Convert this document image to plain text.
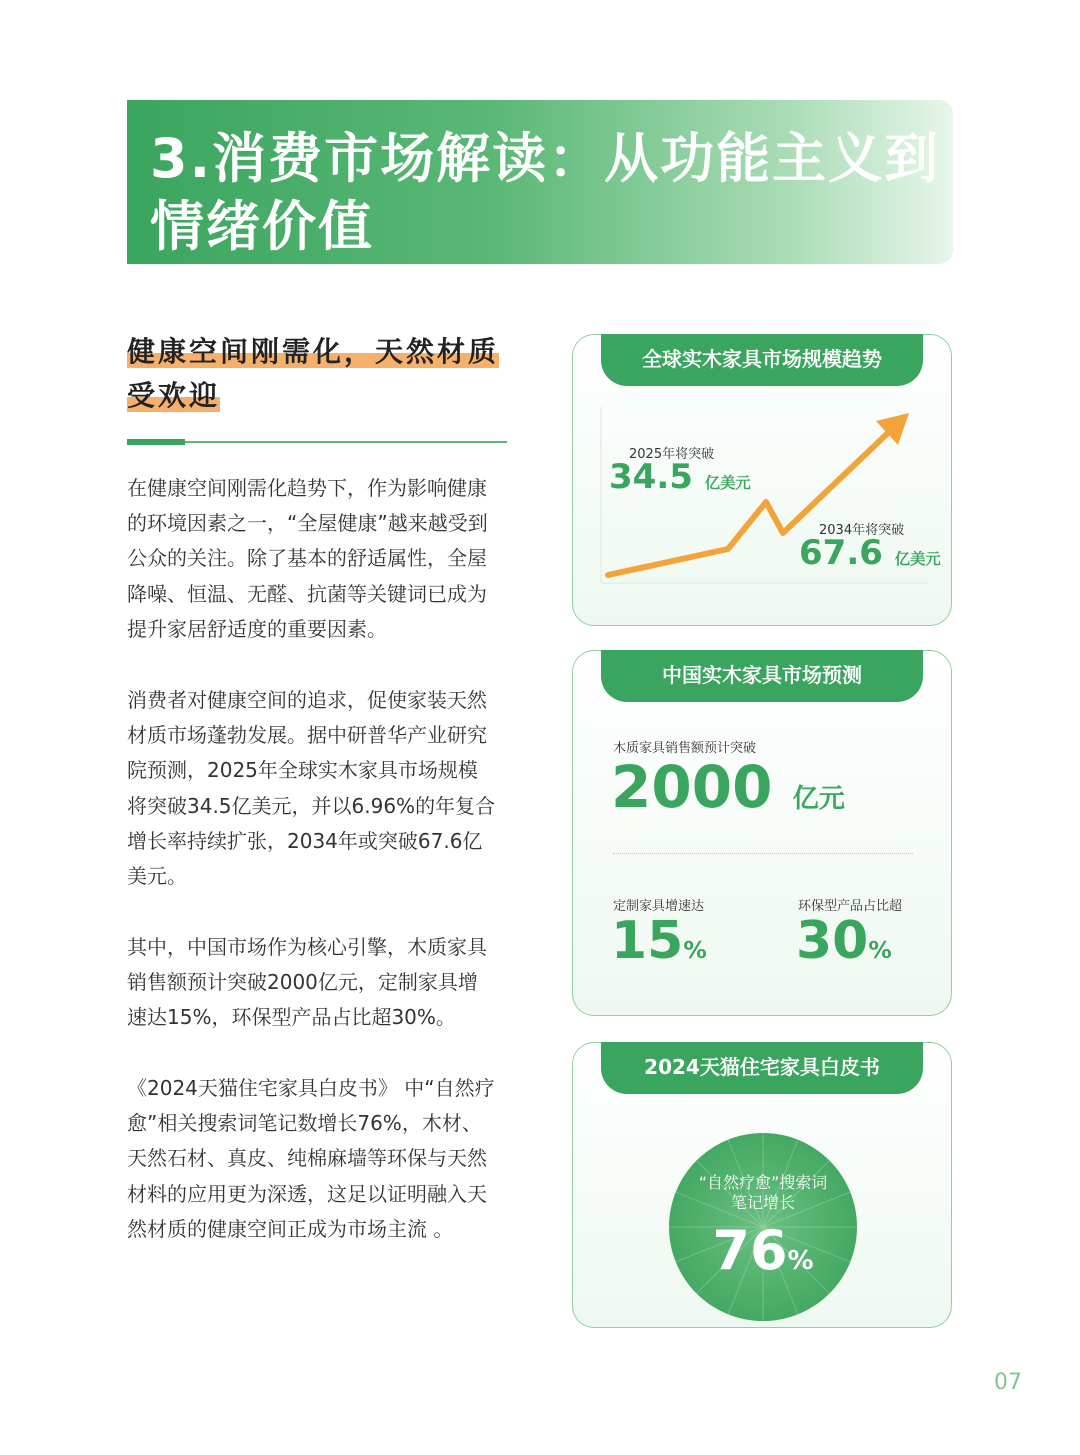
3.消费市场解读：从功能主义到
情绪价值
健康空间刚需化，天然材质
受欢迎
在健康空间刚需化趋势下，作为影响健康
的环境因素之一，“全屋健康”越来越受到
公众的关注。除了基本的舒适属性，全屋
降噪、恒温、无醛、抗菌等关键词已成为
提升家居舒适度的重要因素。
消费者对健康空间的追求，促使家装天然
材质市场蓬勃发展。据中研普华产业研究
院预测，2025年全球实木家具市场规模
将突破34.5亿美元，并以6.96%的年复合
增长率持续扩张，2034年或突破67.6亿
美元。
其中，中国市场作为核心引擎，木质家具
销售额预计突破2000亿元，定制家具增
速达15%，环保型产品占比超30%。
《2024天猫住宅家具白皮书》 中“自然疗
愈”相关搜索词笔记数增长76%，木材、
天然石材、真皮、纯棉麻墙等环保与天然
材料的应用更为深透，这足以证明融入天
然材质的健康空间正成为市场主流 。
全球实木家具市场规模趋势
2025年将突破
34.5 亿美元
2034年将突破
67.6 亿美元
中国实木家具市场预测
木质家具销售额预计突破
2000 亿元
定制家具增速达
15%
环保型产品占比超
30%
2024天猫住宅家具白皮书
“自然疗愈”搜索词
笔记增长
76%
07
